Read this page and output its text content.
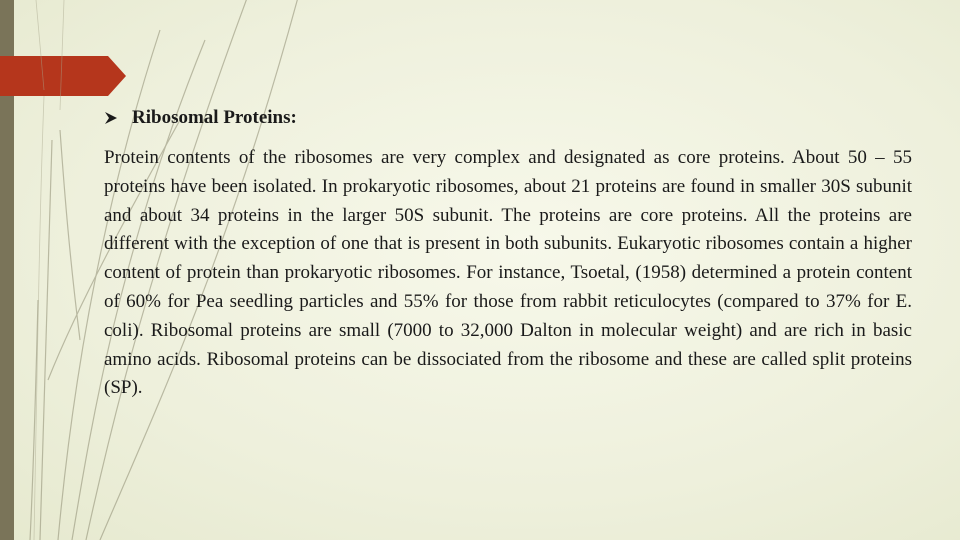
Ribosomal Proteins:

Protein contents of the ribosomes are very complex and designated as core proteins. About 50 – 55 proteins have been isolated. In prokaryotic ribosomes, about 21 proteins are found in smaller 30S subunit and about 34 proteins in the larger 50S subunit. The proteins are core proteins. All the proteins are different with the exception of one that is present in both subunits. Eukaryotic ribosomes contain a higher content of protein than prokaryotic ribosomes. For instance, Tsoetal, (1958) determined a protein content of 60% for Pea seedling particles and 55% for those from rabbit reticulocytes (compared to 37% for E. coli). Ribosomal proteins are small (7000 to 32,000 Dalton in molecular weight) and are rich in basic amino acids. Ribosomal proteins can be dissociated from the ribosome and these are called split proteins (SP).
